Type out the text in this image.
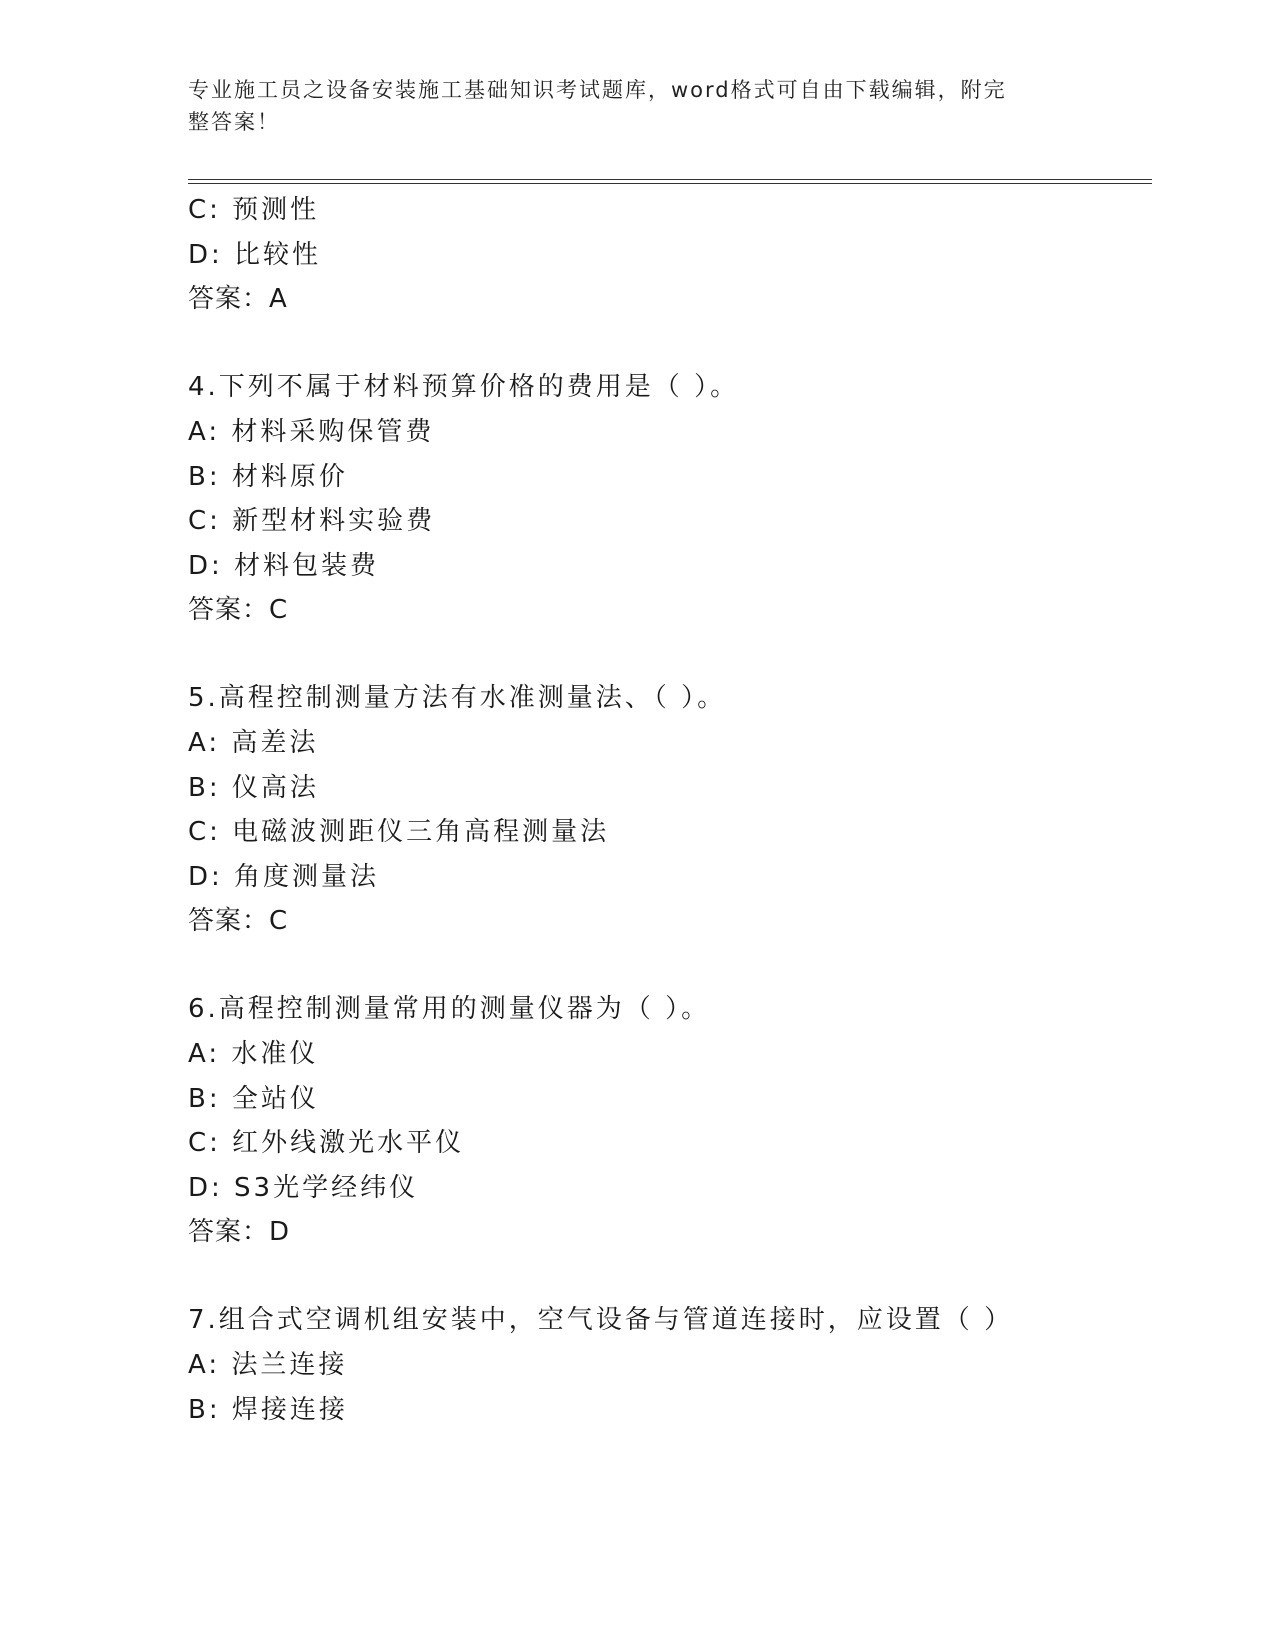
专业施工员之设备安装施工基础知识考试题库，word格式可自由下载编辑，附完
整答案！
C: 预测性
D: 比较性
答案：A
4.下列不属于材料预算价格的费用是（ ）。
A: 材料采购保管费
B: 材料原价
C: 新型材料实验费
D: 材料包装费
答案：C
5.高程控制测量方法有水准测量法、（ ）。
A: 高差法
B: 仪高法
C: 电磁波测距仪三角高程测量法
D: 角度测量法
答案：C
6.高程控制测量常用的测量仪器为（ ）。
A: 水准仪
B: 全站仪
C: 红外线激光水平仪
D: S3光学经纬仪
答案：D
7.组合式空调机组安装中，空气设备与管道连接时，应设置（ ）
A: 法兰连接
B: 焊接连接
